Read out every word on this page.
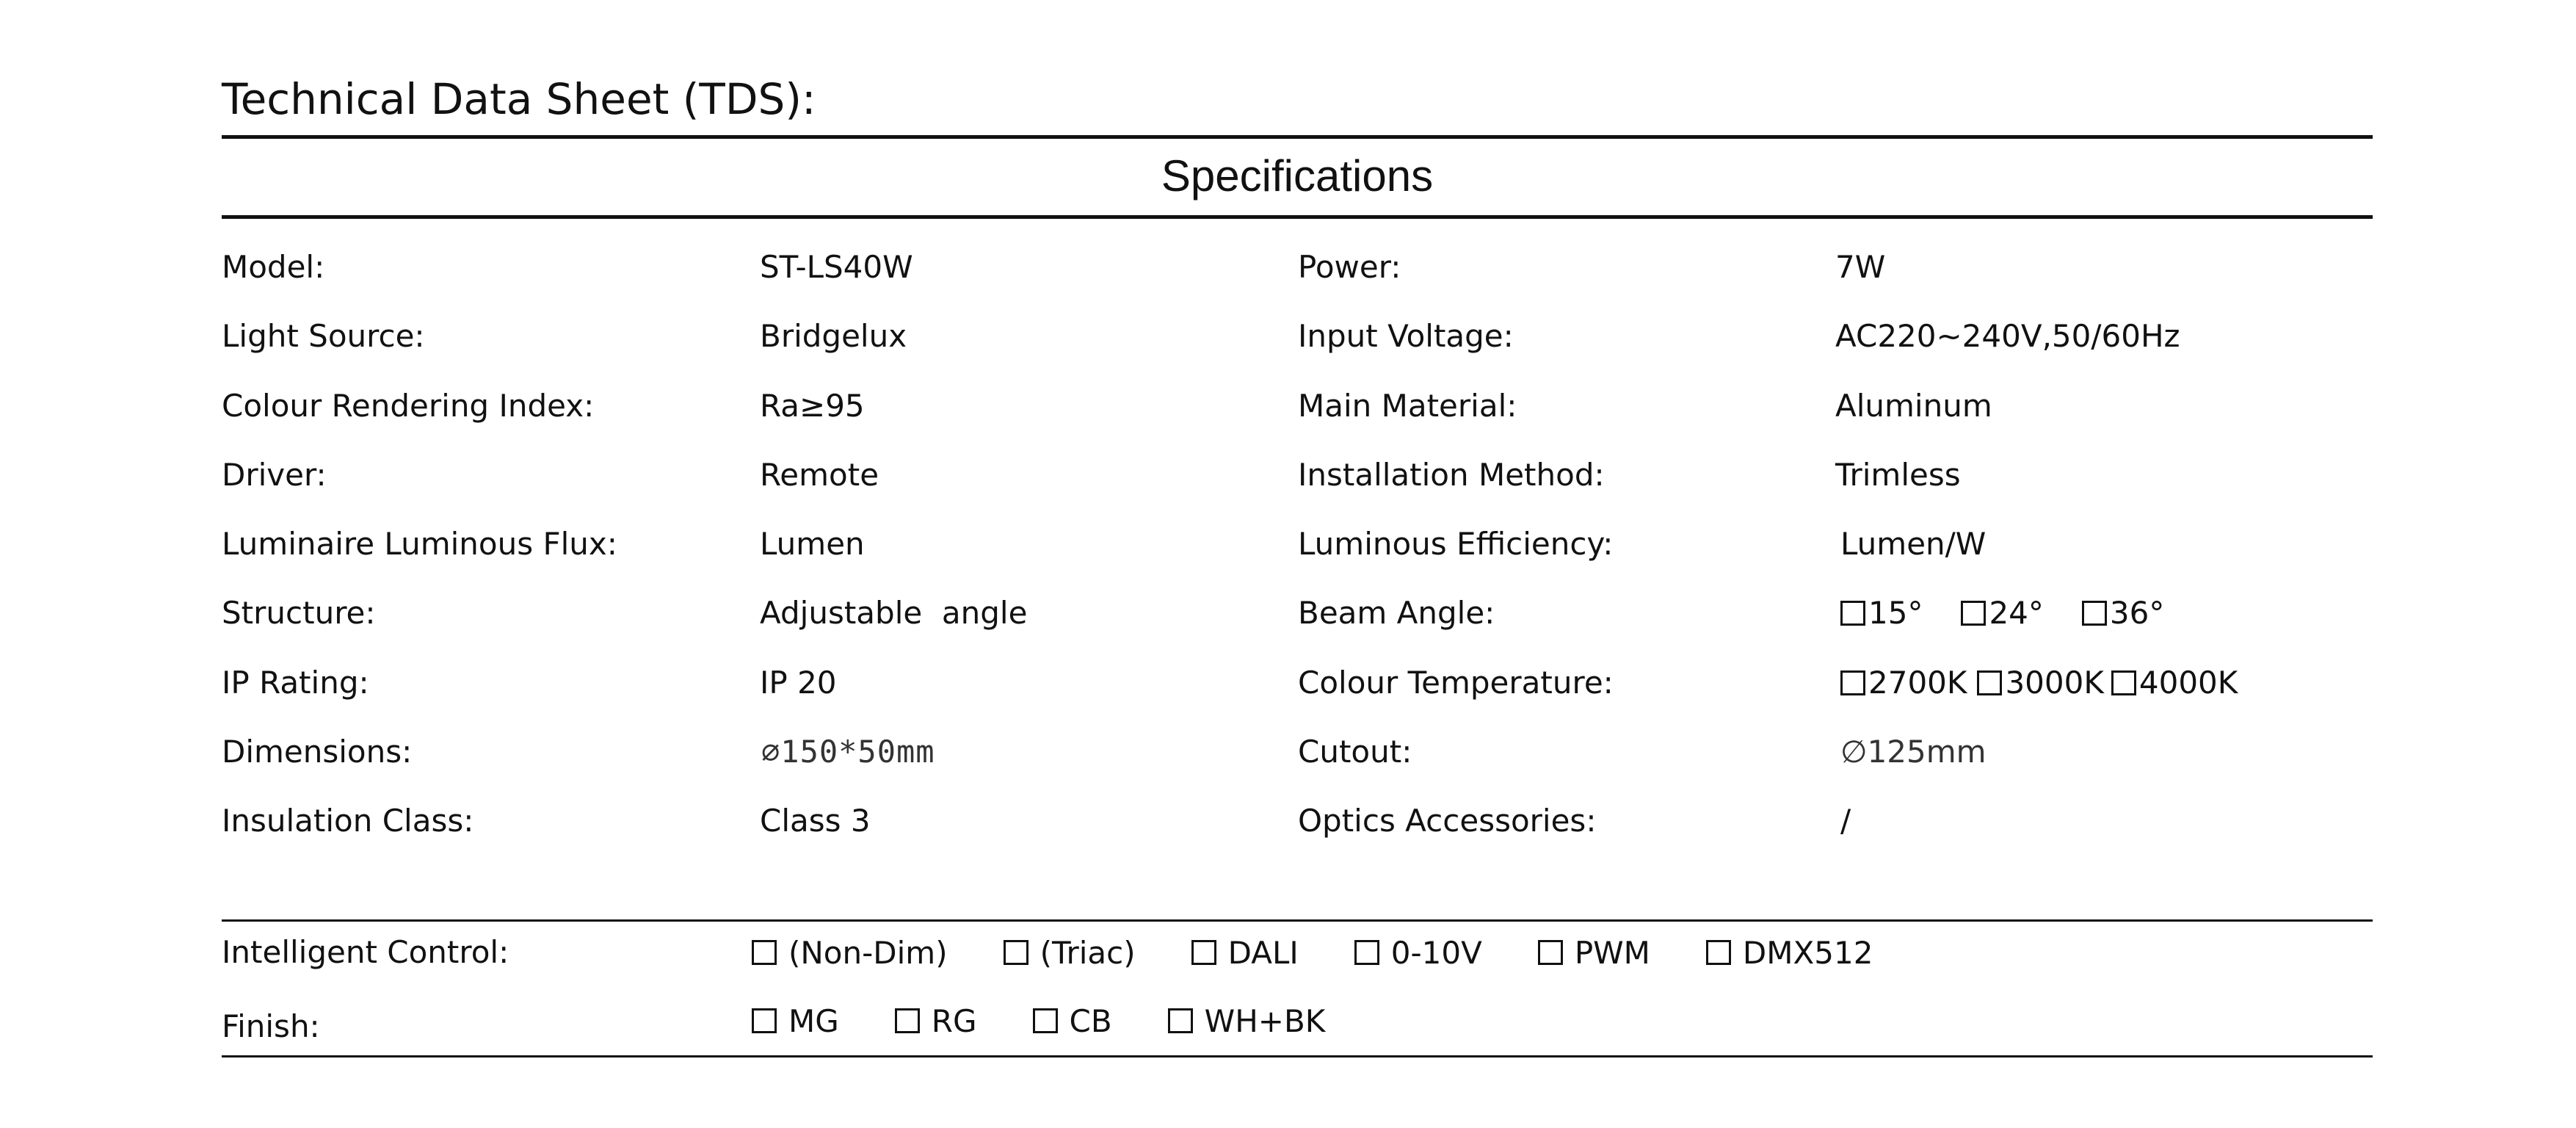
Technical Data Sheet (TDS):
Specifications
Model:	ST-LS40W	Power:	7W
Light Source:	Bridgelux	Input Voltage:	AC220~240V,50/60Hz
Colour Rendering Index:	Ra≥95	Main Material:	Aluminum
Driver:	Remote	Installation Method:	Trimless
Luminaire Luminous Flux:	Lumen	Luminous Efficiency:	Lumen/W
Structure:	Adjustable  angle	Beam Angle:	15° 24° 36°
IP Rating:	IP 20	Colour Temperature:	2700K 3000K 4000K
Dimensions:	∅150*50mm	Cutout:	∅125mm
Insulation Class:	Class 3	Optics Accessories:	/
Intelligent Control:	(Non-Dim)	(Triac)	DALI	0-10V	PWM	DMX512
Finish:	MG	RG	CB	WH+BK
